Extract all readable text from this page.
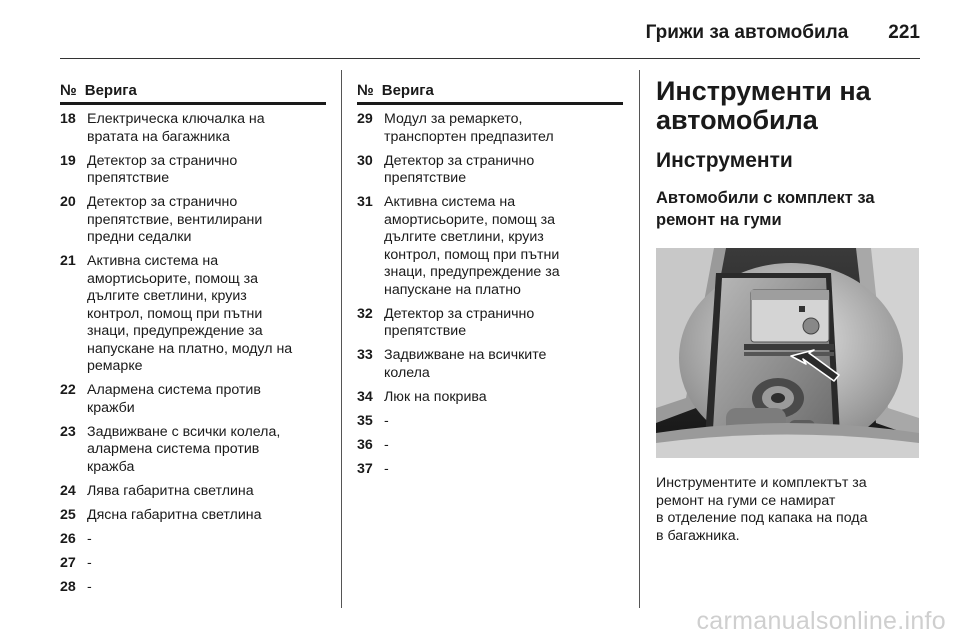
Грижи за автомобила 221
№ Верига
18 Електрическа ключалка на
вратата на багажника
19 Детектор за странично
препятствие
20 Детектор за странично
препятствие, вентилирани
предни седалки
21 Активна система на
амортисьорите, помощ за
дългите светлини, круиз
контрол, помощ при пътни
знаци, предупреждение за
напускане на платно, модул на
ремарке
22 Алармена система против
кражби
23 Задвижване с всички колела,
алармена система против
кражба
24 Лява габаритна светлина
25 Дясна габаритна светлина
26 -
27 -
28 -
№ Верига
29 Модул за ремаркето,
транспортен предпазител
30 Детектор за странично
препятствие
31 Активна система на
амортисьорите, помощ за
дългите светлини, круиз
контрол, помощ при пътни
знаци, предупреждение за
напускане на платно
32 Детектор за странично
препятствие
33 Задвижване на всичките
колела
34 Люк на покрива
35 -
36 -
37 -
Инструменти на
автомобила
Инструменти
Автомобили с комплект за
ремонт на гуми
Инструментите и комплектът за
ремонт на гуми се намират
в отделение под капака на пода
в багажника.
carmanualsonline.info
